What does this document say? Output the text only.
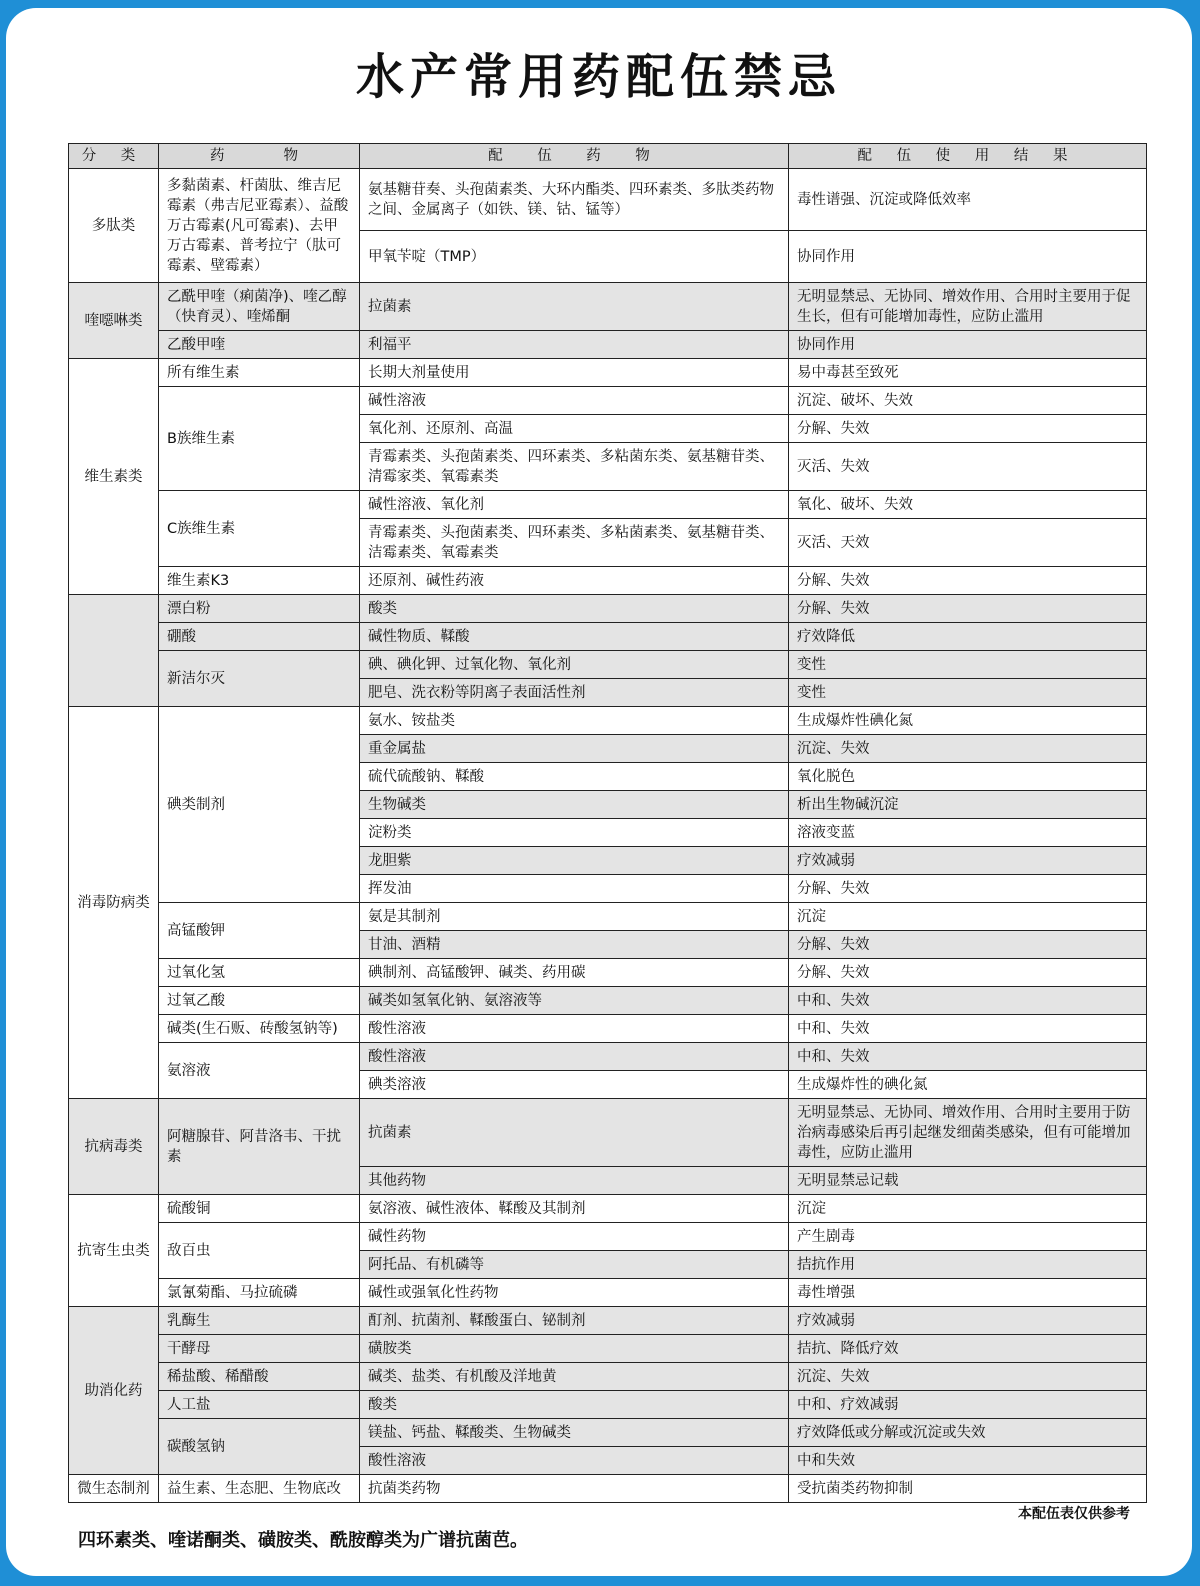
水产常用药配伍禁忌
分 类	药　　物	配　伍　药　物	配 伍 使 用 结 果
多肽类	多黏菌素、杆菌肽、维吉尼霉素（弗吉尼亚霉素）、益酸万古霉素(凡可霉素)、去甲万古霉素、普考拉宁（肽可霉素、壁霉素）	氨基糖苷奏、头孢菌素类、大环内酯类、四环素类、多肽类药物之间、金属离子（如铁、镁、钴、锰等）	毒性谱强、沉淀或降低效率
		甲氧苄啶（TMP）	协同作用
喹噁啉类	乙酰甲喹（痢菌净)、喹乙醇（快育灵）、喹烯酮	拉菌素	无明显禁忌、无协同、增效作用、合用时主要用于促生长，但有可能增加毒性，应防止滥用
	乙酸甲喹	利福平	协同作用
维生素类	所有维生素	长期大剂量使用	易中毒甚至致死
	B族维生素	碱性溶液	沉淀、破坏、失效
		氧化剂、还原剂、高温	分解、失效
		青霉素类、头孢菌素类、四环素类、多粘菌东类、氨基糖苷类、清霉家类、氧霉素类	灭活、失效
	C族维生素	碱性溶液、氧化剂	氧化、破坏、失效
		青霉素类、头孢菌素类、四环素类、多粘菌素类、氨基糖苷类、洁霉素类、氧霉素类	灭活、天效
	维生素K3	还原剂、碱性药液	分解、失效
	漂白粉	酸类	分解、失效
	硼酸	碱性物质、鞣酸	疗效降低
	新洁尔灭	碘、碘化钾、过氧化物、氧化剂	变性
		肥皂、洗衣粉等阴离子表面活性剂	变性

消毒防病类	碘类制剂	氨水、铵盐类	生成爆炸性碘化氮
		重金属盐	沉淀、失效
		硫代硫酸钠、鞣酸	氧化脱色
		生物碱类	析出生物碱沉淀
		淀粉类	溶液变蓝
		龙胆紫	疗效减弱
		挥发油	分解、失效
	高锰酸钾	氨是其制剂	沉淀
		甘油、酒精	分解、失效
	过氧化氢	碘制剂、高锰酸钾、碱类、药用碳	分解、失效
	过氧乙酸	碱类如氢氧化钠、氨溶液等	中和、失效
	碱类(生石贩、砖酸氢钠等)	酸性溶液	中和、失效
	氨溶液	酸性溶液	中和、失效
		碘类溶液	生成爆炸性的碘化氮
抗病毒类	阿糖腺苷、阿昔洛韦、干扰素	抗菌素	无明显禁忌、无协同、增效作用、合用时主要用于防治病毒感染后再引起继发细菌类感染，但有可能增加毒性，应防止滥用
		其他药物	无明显禁忌记载
抗寄生虫类	硫酸铜	氨溶液、碱性液体、鞣酸及其制剂	沉淀
	敌百虫	碱性药物	产生剧毒
		阿托品、有机磷等	拮抗作用
	氯氰菊酯、马拉硫磷	碱性或强氧化性药物	毒性增强
助消化药	乳酶生	酊剂、抗菌剂、鞣酸蛋白、铋制剂	疗效减弱
	干酵母	磺胺类	拮抗、降低疗效
	稀盐酸、稀醋酸	碱类、盐类、有机酸及洋地黄	沉淀、失效
	人工盐	酸类	中和、疗效减弱
	碳酸氢钠	镁盐、钙盐、鞣酸类、生物碱类	疗效降低或分解或沉淀或失效
		酸性溶液	中和失效
微生态制剂	益生素、生态肥、生物底改	抗菌类药物	受抗菌类药物抑制
本配伍表仅供参考
四环素类、喹诺酮类、磺胺类、酰胺醇类为广谱抗菌芭。
